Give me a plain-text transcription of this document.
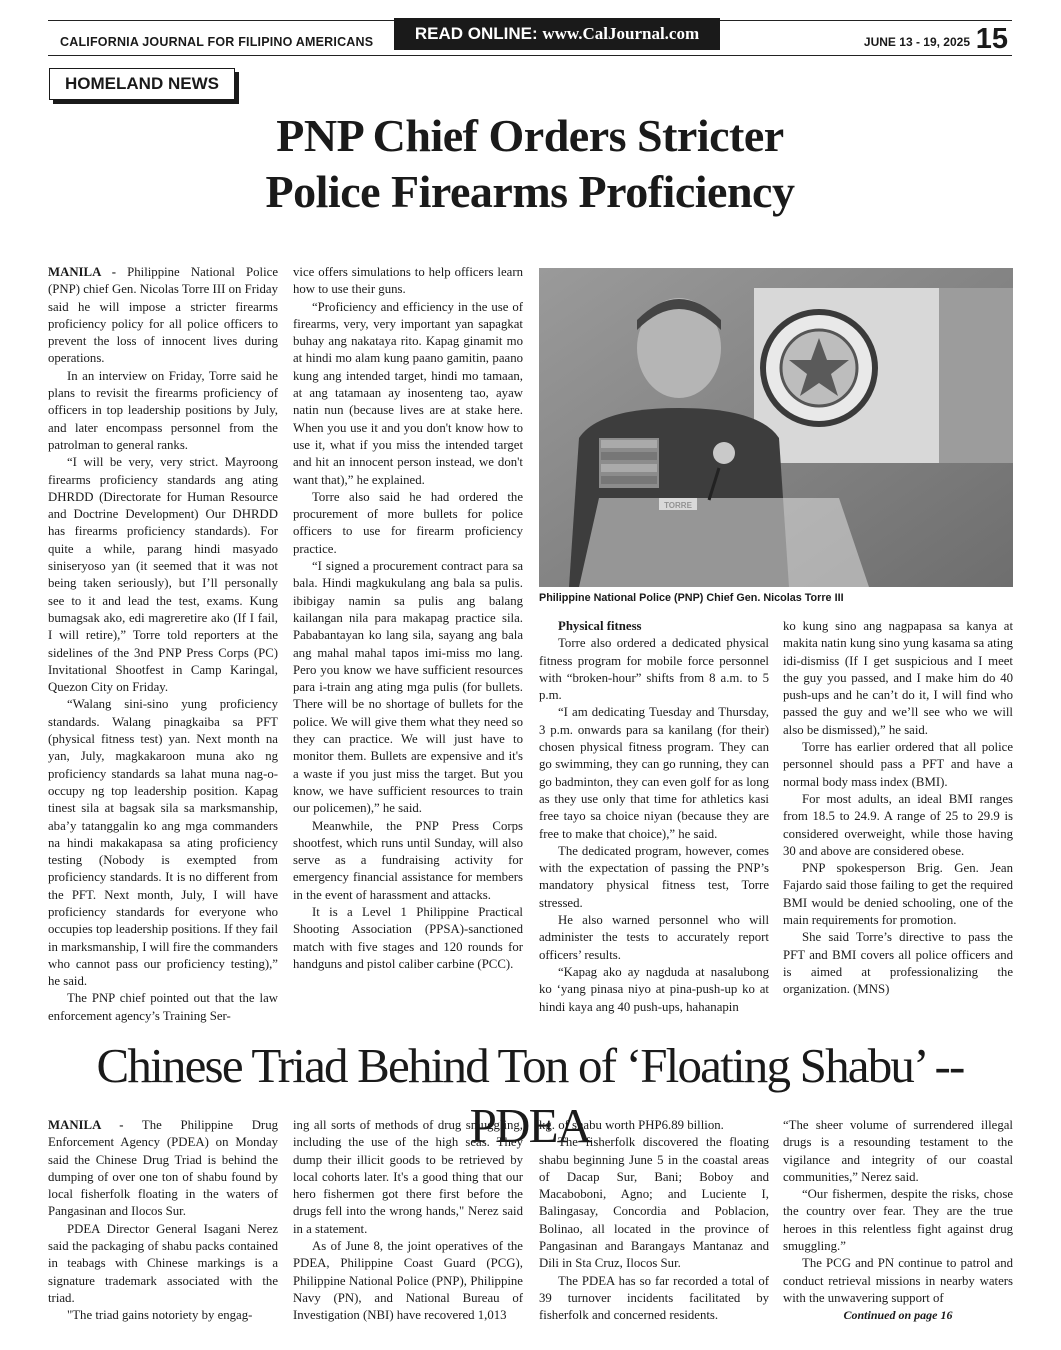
CALIFORNIA JOURNAL FOR FILIPINO AMERICANS	READ ONLINE: www.CalJournal.com	JUNE 13 - 19, 2025 15
HOMELAND NEWS
PNP Chief Orders Stricter
Police Firearms Proficiency

MANILA - Philippine National Police (PNP) chief Gen. Nicolas Torre III on Friday said he will impose a stricter firearms proficiency policy for all police officers to prevent the loss of innocent lives during operations.

In an interview on Friday, Torre said he plans to revisit the firearms proficiency of officers in top leadership positions by July, and later encompass personnel from the patrolman to general ranks.

“I will be very, very strict. Mayroong firearms proficiency standards ang ating DHRDD (Directorate for Human Resource and Doctrine Development) Our DHRDD has firearms proficiency standards). For quite a while, parang hindi masyado siniseryoso yan (it seemed that it was not being taken seriously), but I’ll personally see to it and lead the test, exams. Kung bumagsak ako, edi magreretire ako (If I fail, I will retire),” Torre told reporters at the sidelines of the 3nd PNP Press Corps (PC) Invitational Shootfest in Camp Karingal, Quezon City on Friday.

“Walang sini-sino yung proficiency standards. Walang pinagkaiba sa PFT (physical fitness test) yan. Next month na yan, July, magkakaroon muna ako ng proficiency standards sa lahat muna nag-o-occupy ng top leadership position. Kapag tinest sila at bagsak sila sa marksmanship, aba’y tatanggalin ko ang mga commanders na hindi makakapasa sa ating proficiency testing (Nobody is exempted from proficiency standards. It is no different from the PFT. Next month, July, I will have proficiency standards for everyone who occupies top leadership positions. If they fail in marksmanship, I will fire the commanders who cannot pass our proficiency testing),” he said.

The PNP chief pointed out that the law enforcement agency’s Training Ser-

vice offers simulations to help officers learn how to use their guns.

“Proficiency and efficiency in the use of firearms, very, very important yan sapagkat buhay ang nakataya rito. Kapag ginamit mo at hindi mo alam kung paano gamitin, paano kung ang intended target, hindi mo tamaan, at ang tatamaan ay inosenteng tao, ayaw natin nun (because lives are at stake here. When you use it and you don't know how to use it, what if you miss the intended target and hit an innocent person instead, we don't want that),” he explained.

Torre also said he had ordered the procurement of more bullets for police officers to use for firearm proficiency practice.

“I signed a procurement contract para sa bala. Hindi magkukulang ang bala sa pulis. ibibigay namin sa pulis ang balang kailangan nila para makapag practice sila. Pababantayan ko lang sila, sayang ang bala ang mahal mahal tapos imi-miss mo lang. Pero you know we have sufficient resources para i-train ang ating mga pulis (for bullets. There will be no shortage of bullets for the police. We will give them what they need so they can practice. We will just have to monitor them. Bullets are expensive and it's a waste if you just miss the target. But you know, we have sufficient resources to train our policemen),” he said.

Meanwhile, the PNP Press Corps shootfest, which runs until Sunday, will also serve as a fundraising activity for emergency financial assistance for members in the event of harassment and attacks.

It is a Level 1 Philippine Practical Shooting Association (PPSA)-sanctioned match with five stages and 120 rounds for handguns and pistol caliber carbine (PCC).

Philippine National Police (PNP) Chief Gen. Nicolas Torre III

Physical fitness

Torre also ordered a dedicated physical fitness program for mobile force personnel with “broken-hour” shifts from 8 a.m. to 5 p.m.

“I am dedicating Tuesday and Thursday, 3 p.m. onwards para sa kanilang (for their) chosen physical fitness program. They can go swimming, they can go running, they can go badminton, they can even golf for as long as they use only that time for athletics kasi free tayo sa choice niyan (because they are free to make that choice),” he said.

The dedicated program, however, comes with the expectation of passing the PNP’s mandatory physical fitness test, Torre stressed.

He also warned personnel who will administer the tests to accurately report officers’ results.

“Kapag ako ay nagduda at nasalubong ko ‘yang pinasa niyo at pina-push-up ko at hindi kaya ang 40 push-ups, hahanapin

ko kung sino ang nagpapasa sa kanya at makita natin kung sino yung kasama sa ating idi-dismiss (If I get suspicious and I meet the guy you passed, and I make him do 40 push-ups and he can’t do it, I will find who passed the guy and we’ll see who we will also be dismissed),” he said.

Torre has earlier ordered that all police personnel should pass a PFT and have a normal body mass index (BMI).

For most adults, an ideal BMI ranges from 18.5 to 24.9. A range of 25 to 29.9 is considered overweight, while those having 30 and above are considered obese.

PNP spokesperson Brig. Gen. Jean Fajardo said those failing to get the required BMI would be denied schooling, one of the main requirements for promotion.

She said Torre’s directive to pass the PFT and BMI covers all police officers and is aimed at professionalizing the organization. (MNS)

Chinese Triad Behind Ton of ‘Floating Shabu’ -- PDEA

MANILA - The Philippine Drug Enforcement Agency (PDEA) on Monday said the Chinese Drug Triad is behind the dumping of over one ton of shabu found by local fisherfolk floating in the waters of Pangasinan and Ilocos Sur.

PDEA Director General Isagani Nerez said the packaging of shabu packs contained in teabags with Chinese markings is a signature trademark associated with the triad.

"The triad gains notoriety by engag-

ing all sorts of methods of drug smuggling, including the use of the high seas. They dump their illicit goods to be retrieved by local cohorts later. It's a good thing that our hero fishermen got there first before the drugs fell into the wrong hands," Nerez said in a statement.

As of June 8, the joint operatives of the PDEA, Philippine Coast Guard (PCG), Philippine National Police (PNP), Philippine Navy (PN), and National Bureau of Investigation (NBI) have recovered 1,013

kg. of shabu worth PHP6.89 billion.

The fisherfolk discovered the floating shabu beginning June 5 in the coastal areas of Dacap Sur, Bani; Boboy and Macaboboni, Agno; and Luciente I, Balingasay, Concordia and Poblacion, Bolinao, all located in the province of Pangasinan and Barangays Mantanaz and Dili in Sta Cruz, Ilocos Sur.

The PDEA has so far recorded a total of 39 turnover incidents facilitated by fisherfolk and concerned residents.

“The sheer volume of surrendered illegal drugs is a resounding testament to the vigilance and integrity of our coastal communities,” Nerez said.

“Our fishermen, despite the risks, chose the country over fear. They are the true heroes in this relentless fight against drug smuggling.”

The PCG and PN continue to patrol and conduct retrieval missions in nearby waters with the unwavering support of

Continued on page 16
